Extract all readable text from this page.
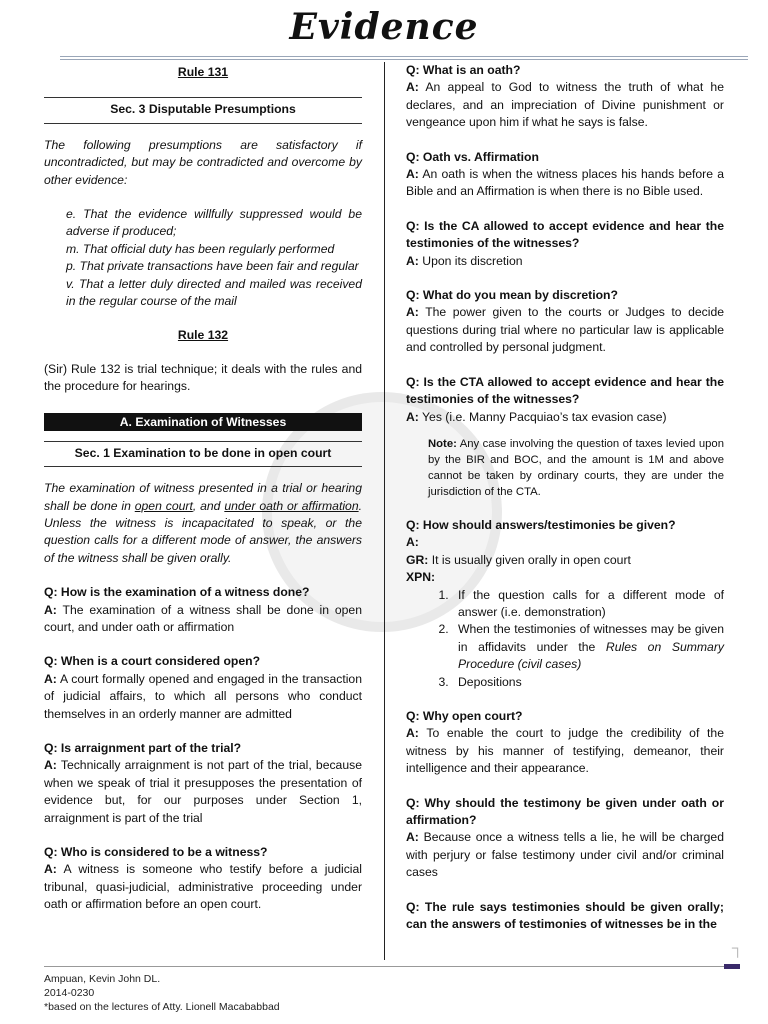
Evidence

Rule 131

Sec. 3 Disputable Presumptions

The following presumptions are satisfactory if uncontradicted, but may be contradicted and overcome by other evidence:

e. That the evidence willfully suppressed would be adverse if produced;

m. That official duty has been regularly performed

p. That private transactions have been fair and regular

v. That a letter duly directed and mailed was received in the regular course of the mail

Rule 132

(Sir) Rule 132 is trial technique; it deals with the rules and the procedure for hearings.

A. Examination of Witnesses

Sec. 1 Examination to be done in open court

The examination of witness presented in a trial or hearing shall be done in open court, and under oath or affirmation. Unless the witness is incapacitated to speak, or the question calls for a different mode of answer, the answers of the witness shall be given orally.

Q: How is the examination of a witness done?

A: The examination of a witness shall be done in open court, and under oath or affirmation

Q: When is a court considered open?

A: A court formally opened and engaged in the transaction of judicial affairs, to which all persons who conduct themselves in an orderly manner are admitted

Q: Is arraignment part of the trial?

A: Technically arraignment is not part of the trial, because when we speak of trial it presupposes the presentation of evidence but, for our purposes under Section 1, arraignment is part of the trial

Q: Who is considered to be a witness?

A: A witness is someone who testify before a judicial tribunal, quasi-judicial, administrative proceeding under oath or affirmation before an open court.

Q: What is an oath?

A: An appeal to God to witness the truth of what he declares, and an impreciation of Divine punishment or vengeance upon him if what he says is false.

Q: Oath vs. Affirmation

A: An oath is when the witness places his hands before a Bible and an Affirmation is when there is no Bible used.

Q: Is the CA allowed to accept evidence and hear the testimonies of the witnesses?

A: Upon its discretion

Q: What do you mean by discretion?

A: The power given to the courts or Judges to decide questions during trial where no particular law is applicable and controlled by personal judgment.

Q: Is the CTA allowed to accept evidence and hear the testimonies of the witnesses?

A: Yes (i.e. Manny Pacquiao’s tax evasion case)

Note: Any case involving the question of taxes levied upon by the BIR and BOC, and the amount is 1M and above cannot be taken by ordinary courts, they are under the jurisdiction of the CTA.

Q: How should answers/testimonies be given?

A:

GR: It is usually given orally in open court

XPN:

1. If the question calls for a different mode of answer (i.e. demonstration)
2. When the testimonies of witnesses may be given in affidavits under the Rules on Summary Procedure (civil cases)
3. Depositions

Q: Why open court?

A: To enable the court to judge the credibility of the witness by his manner of testifying, demeanor, their intelligence and their appearance.

Q: Why should the testimony be given under oath or affirmation?

A: Because once a witness tells a lie, he will be charged with perjury or false testimony under civil and/or criminal cases

Q: The rule says testimonies should be given orally; can the answers of testimonies of witnesses be in the

┐
Ampuan, Kevin John DL.
2014-0230
*based on the lectures of Atty. Lionell Macababbad
